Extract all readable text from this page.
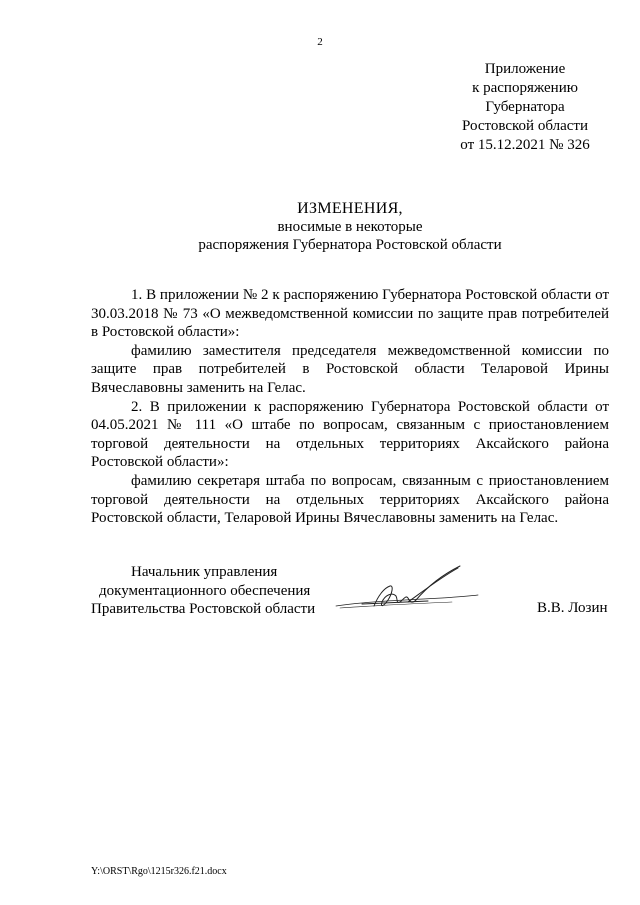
2
Приложение
к распоряжению
Губернатора
Ростовской области
от 15.12.2021 № 326
ИЗМЕНЕНИЯ,
вносимые в некоторые
распоряжения Губернатора Ростовской области

1. В приложении № 2 к распоряжению Губернатора Ростовской области от 30.03.2018 № 73 «О межведомственной комиссии по защите прав потребителей в Ростовской области»:

фамилию заместителя председателя межведомственной комиссии по защите прав потребителей в Ростовской области Теларовой Ирины Вячеславовны заменить на Гелас.

2. В приложении к распоряжению Губернатора Ростовской области от 04.05.2021 № 111 «О штабе по вопросам, связанным с приостановлением торговой деятельности на отдельных территориях Аксайского района Ростовской области»:

фамилию секретаря штаба по вопросам, связанным с приостановлением торговой деятельности на отдельных территориях Аксайского района Ростовской области, Теларовой Ирины Вячеславовны заменить на Гелас.

Начальник управления
документационного обеспечения
Правительства Ростовской области	В.В. Лозин
Y:\ORST\Rgo\1215r326.f21.docx
